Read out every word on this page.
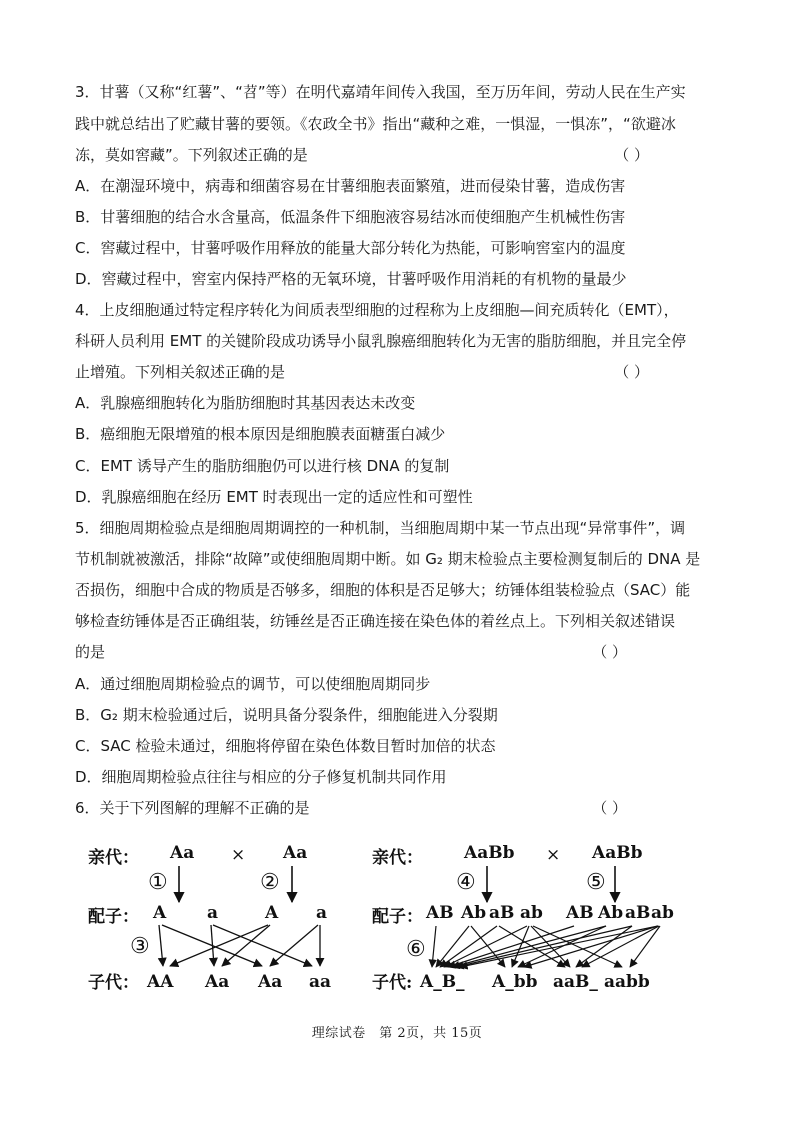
3．甘薯（又称“红薯”、“苕”等）在明代嘉靖年间传入我国，至万历年间，劳动人民在生产实
践中就总结出了贮藏甘薯的要领。《农政全书》指出“藏种之难，一惧湿，一惧冻”，“欲避冰
冻，莫如窖藏”。下列叙述正确的是	（ ）
A．在潮湿环境中，病毒和细菌容易在甘薯细胞表面繁殖，进而侵染甘薯，造成伤害
B．甘薯细胞的结合水含量高，低温条件下细胞液容易结冰而使细胞产生机械性伤害
C．窖藏过程中，甘薯呼吸作用释放的能量大部分转化为热能，可影响窖室内的温度
D．窖藏过程中，窖室内保持严格的无氧环境，甘薯呼吸作用消耗的有机物的量最少
4．上皮细胞通过特定程序转化为间质表型细胞的过程称为上皮细胞—间充质转化（EMT），
科研人员利用 EMT 的关键阶段成功诱导小鼠乳腺癌细胞转化为无害的脂肪细胞，并且完全停
止增殖。下列相关叙述正确的是	（ ）
A．乳腺癌细胞转化为脂肪细胞时其基因表达未改变
B．癌细胞无限增殖的根本原因是细胞膜表面糖蛋白减少
C．EMT 诱导产生的脂肪细胞仍可以进行核 DNA 的复制
D．乳腺癌细胞在经历 EMT 时表现出一定的适应性和可塑性
5．细胞周期检验点是细胞周期调控的一种机制，当细胞周期中某一节点出现“异常事件”，调
节机制就被激活，排除“故障”或使细胞周期中断。如 G₂ 期末检验点主要检测复制后的 DNA 是
否损伤，细胞中合成的物质是否够多，细胞的体积是否足够大；纺锤体组装检验点（SAC）能
够检查纺锤体是否正确组装，纺锤丝是否正确连接在染色体的着丝点上。下列相关叙述错误
的是	（ ）
A．通过细胞周期检验点的调节，可以使细胞周期同步
B．G₂ 期末检验通过后，说明具备分裂条件，细胞能进入分裂期
C．SAC 检验未通过，细胞将停留在染色体数目暂时加倍的状态
D．细胞周期检验点往往与相应的分子修复机制共同作用
6．关于下列图解的理解不正确的是	（ ）
亲代： Aa × Aa
①	②
配子： A a	A a
③
子代： AA Aa Aa aa
亲代： AaBb × AaBb
④	⑤
配子： AB Ab aB ab AB Ab aB ab
⑥
子代: A_B_ A_bb aaB_ aabb
理综试卷　第 2页，共 15页
